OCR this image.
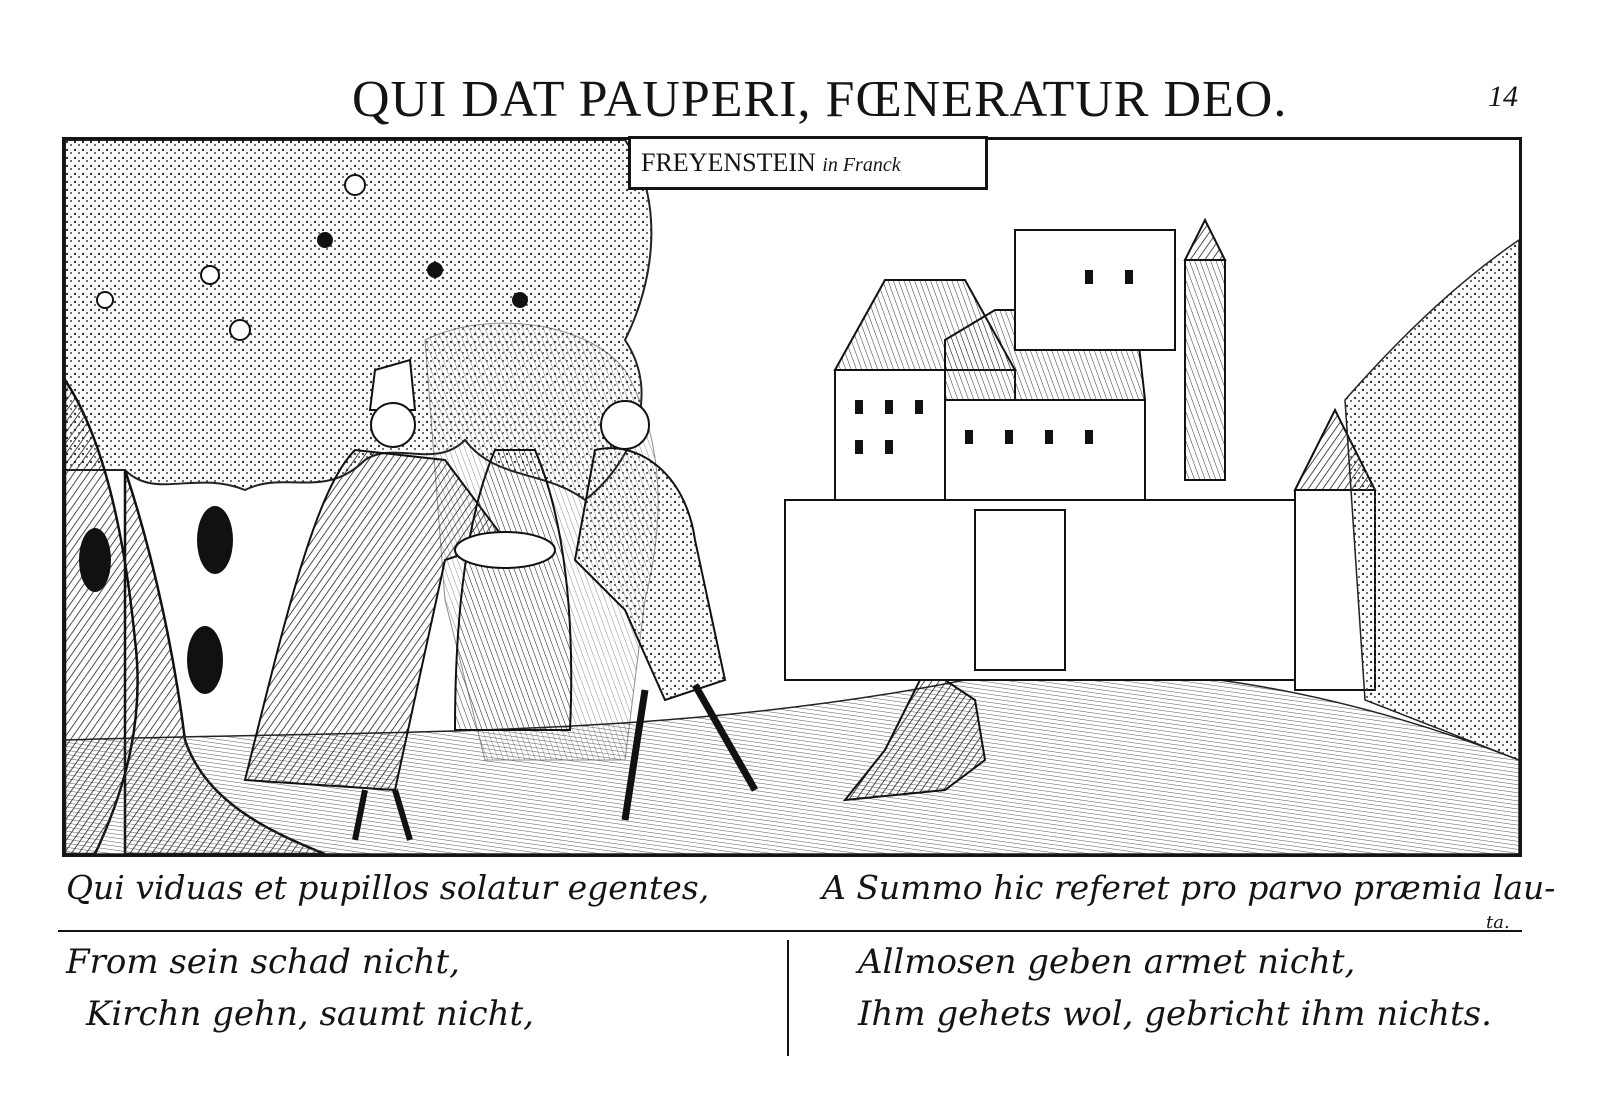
QUI DAT PAUPERI, FŒNERATUR DEO.	14
FREYENSTEIN in Franck
Qui viduas et pupillos solatur egentes,	A Summo hic referet pro parvo præmia lau-
ta.
From sein schad nicht,
Kirchn gehn, saumt nicht,
Allmosen geben armet nicht,
Ihm gehets wol, gebricht ihm nichts.
